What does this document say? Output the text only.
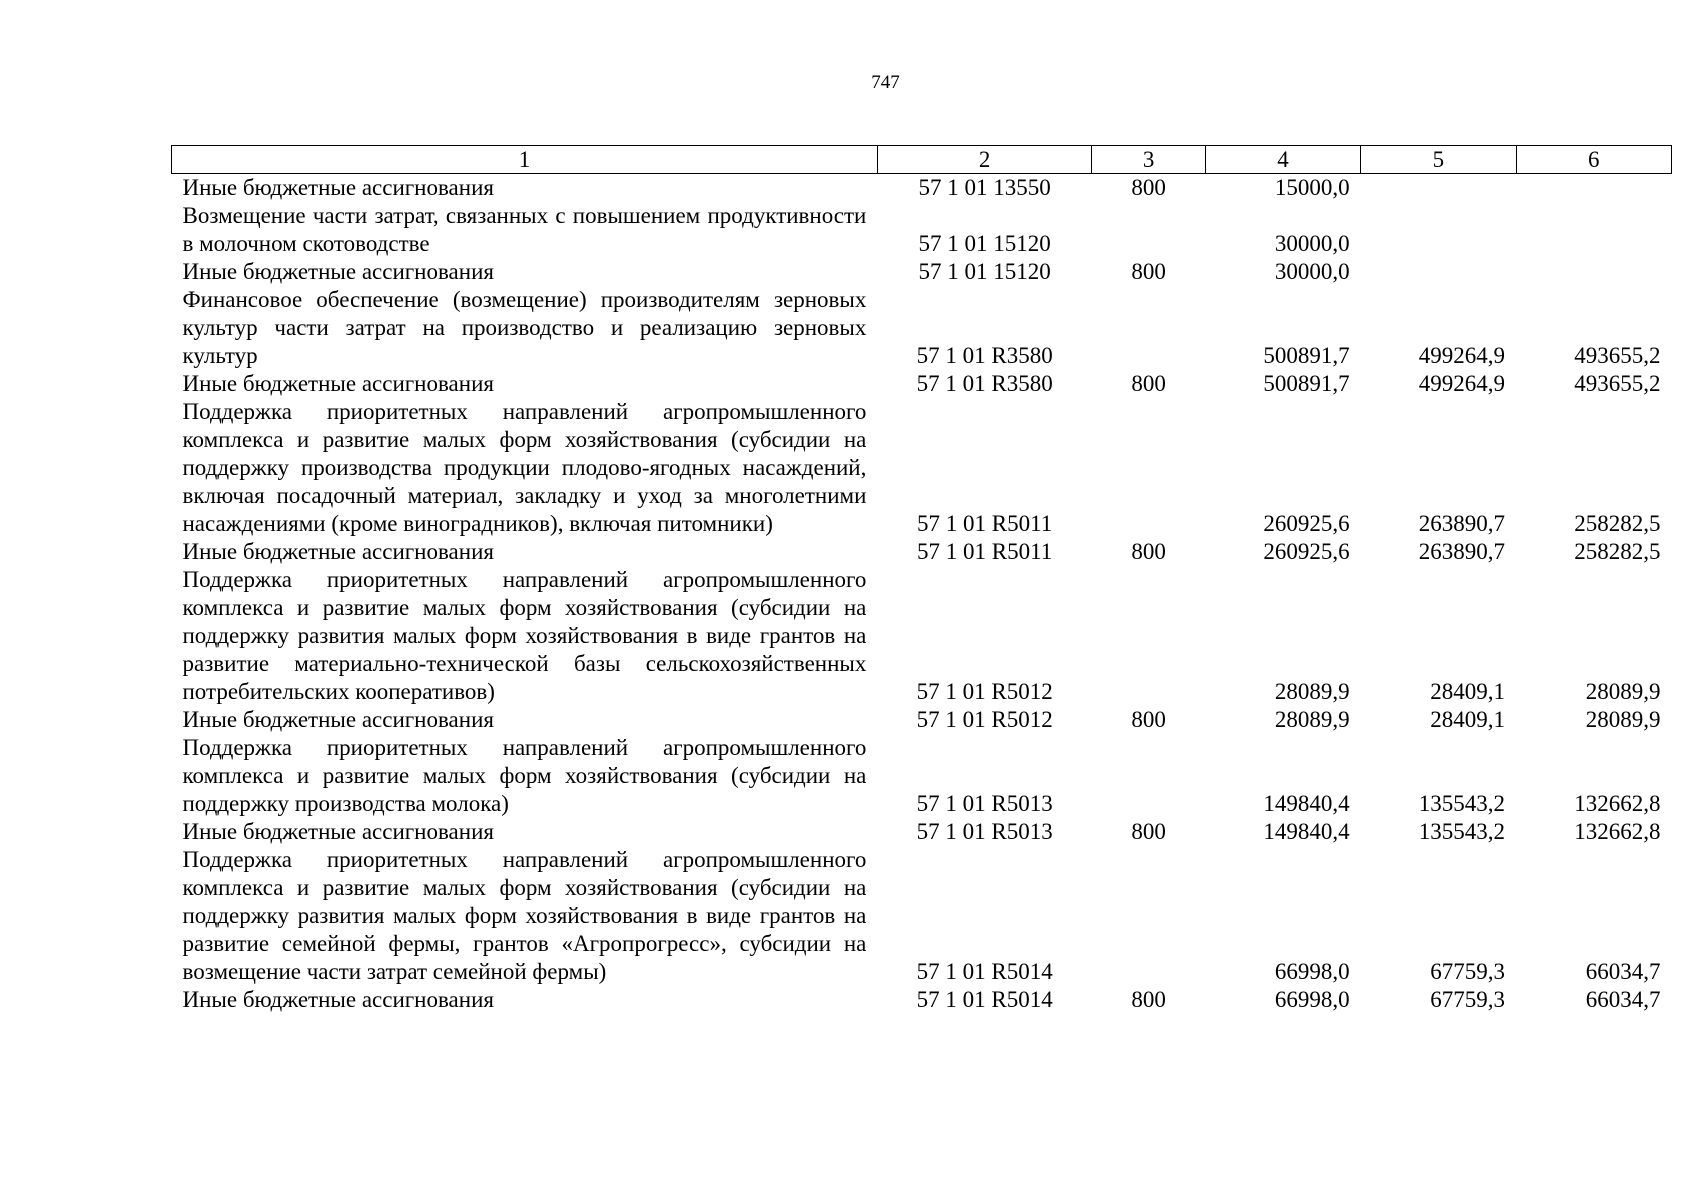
747
1	2	3	4	5	6
Иные бюджетные ассигнования	57 1 01 13550	800	15000,0		
Возмещение части затрат, связанных с повышением продуктивности в молочном скотоводстве	57 1 01 15120		30000,0		
Иные бюджетные ассигнования	57 1 01 15120	800	30000,0		
Финансовое обеспечение (возмещение) производителям зерновых культур части затрат на производство и реализацию зерновых культур	57 1 01 R3580		500891,7	499264,9	493655,2
Иные бюджетные ассигнования	57 1 01 R3580	800	500891,7	499264,9	493655,2
Поддержка приоритетных направлений агропромышленного комплекса и развитие малых форм хозяйствования (субсидии на поддержку производства продукции плодово-ягодных насаждений, включая посадочный материал, закладку и уход за многолетними насаждениями (кроме виноградников), включая питомники)	57 1 01 R5011		260925,6	263890,7	258282,5
Иные бюджетные ассигнования	57 1 01 R5011	800	260925,6	263890,7	258282,5
Поддержка приоритетных направлений агропромышленного комплекса и развитие малых форм хозяйствования (субсидии на поддержку развития малых форм хозяйствования в виде грантов на развитие материально-технической базы сельскохозяйственных потребительских кооперативов)	57 1 01 R5012		28089,9	28409,1	28089,9
Иные бюджетные ассигнования	57 1 01 R5012	800	28089,9	28409,1	28089,9
Поддержка приоритетных направлений агропромышленного комплекса и развитие малых форм хозяйствования (субсидии на поддержку производства молока)	57 1 01 R5013		149840,4	135543,2	132662,8
Иные бюджетные ассигнования	57 1 01 R5013	800	149840,4	135543,2	132662,8
Поддержка приоритетных направлений агропромышленного комплекса и развитие малых форм хозяйствования (субсидии на поддержку развития малых форм хозяйствования в виде грантов на развитие семейной фермы, грантов «Агропрогресс», субсидии на возмещение части затрат семейной фермы)	57 1 01 R5014		66998,0	67759,3	66034,7
Иные бюджетные ассигнования	57 1 01 R5014	800	66998,0	67759,3	66034,7
